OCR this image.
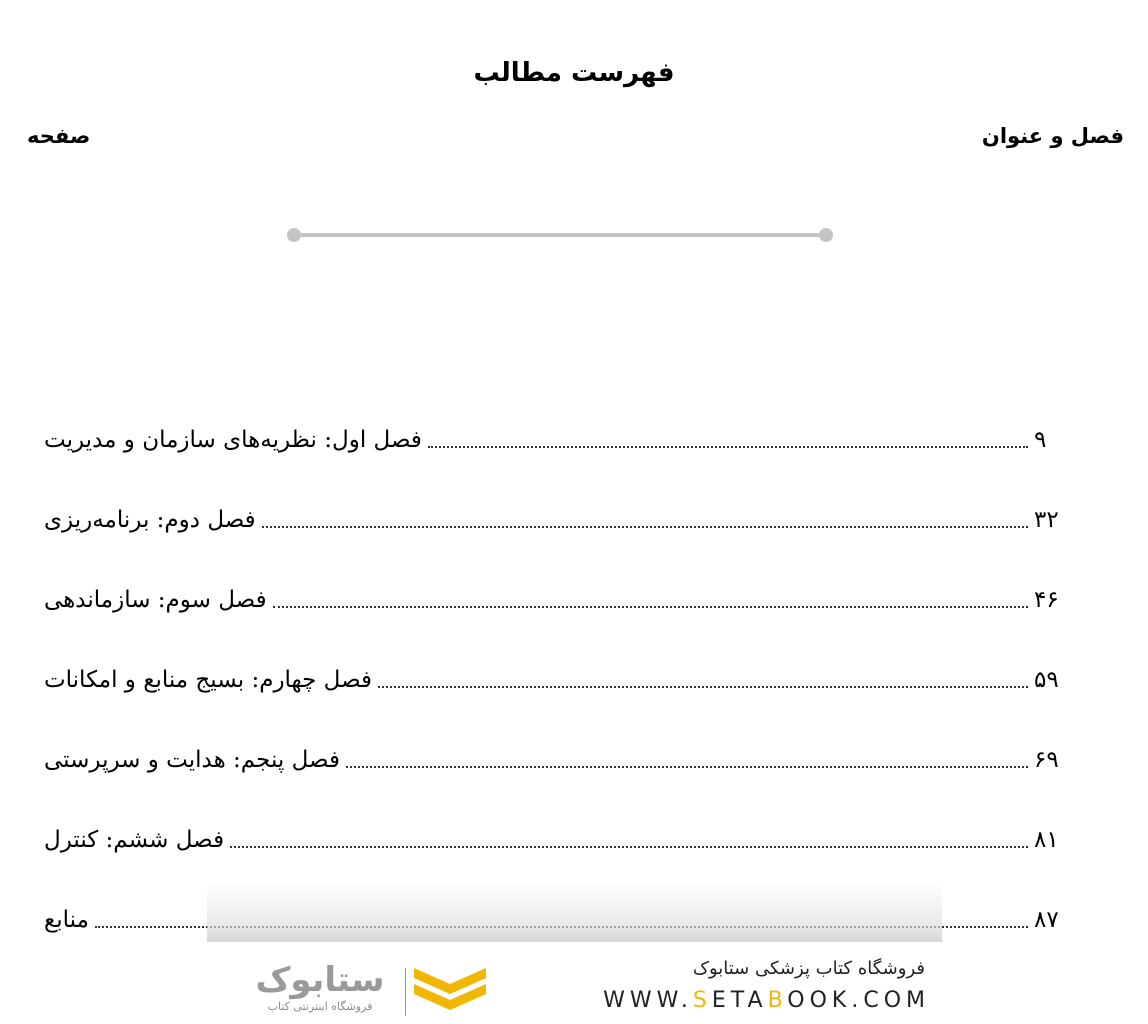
فهرست مطالب
فصل و عنوان
صفحه
فصل اول: نظریه‌های سازمان و مدیریت	۹
فصل دوم: برنامه‌ریزی	۳۲
فصل سوم: سازماندهی	۴۶
فصل چهارم: بسیج منابع و امکانات	۵۹
فصل پنجم: هدایت و سرپرستی	۶۹
فصل ششم: کنترل	۸۱
منابع	۸۷
فروشگاه کتاب پزشکی ستابوک
WWW.SETABOOK.COM
ستابوک
فروشگاه اینترنتی کتاب
